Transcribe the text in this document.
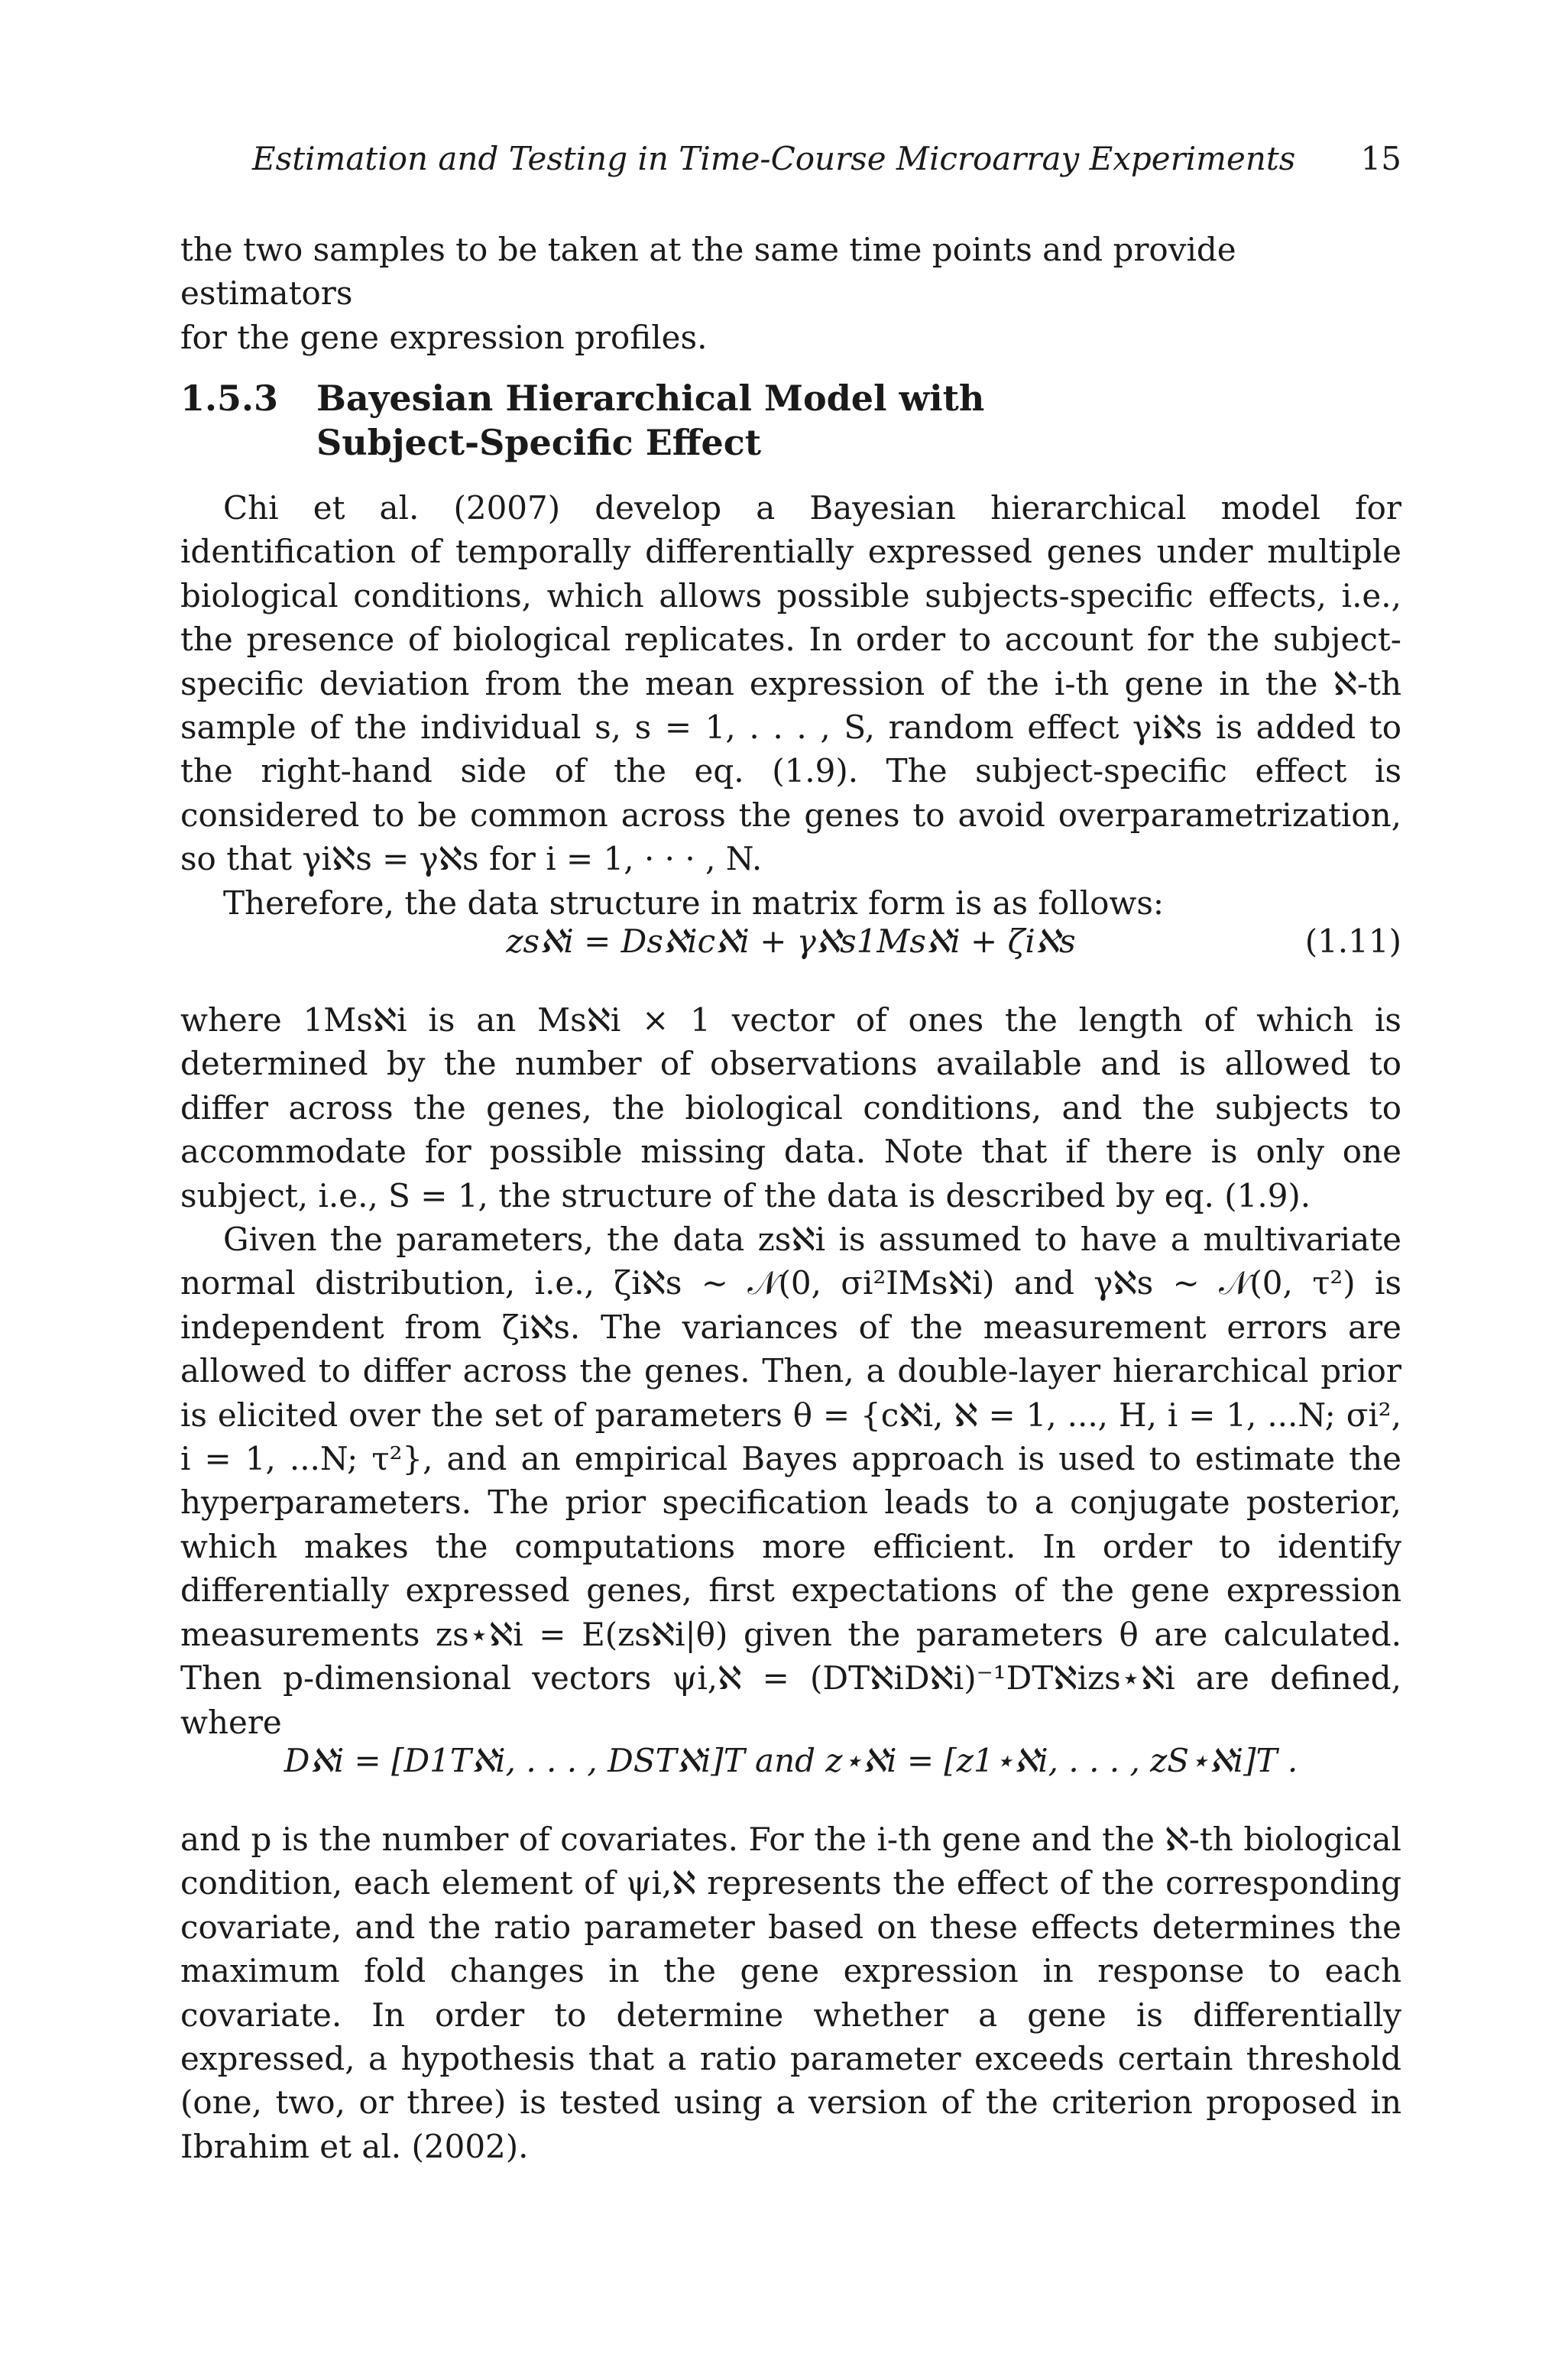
Estimation and Testing in Time-Course Microarray Experiments 15

the two samples to be taken at the same time points and provide estimators

for the gene expression profiles.

1.5.3 Bayesian Hierarchical Model with
Subject-Specific Effect

Chi et al. (2007) develop a Bayesian hierarchical model for identification of temporally differentially expressed genes under multiple biological conditions, which allows possible subjects-specific effects, i.e., the presence of biological replicates. In order to account for the subject-specific deviation from the mean expression of the i-th gene in the ℵ-th sample of the individual s, s = 1, . . . , S, random effect γiℵs is added to the right-hand side of the eq. (1.9). The subject-specific effect is considered to be common across the genes to avoid overparametrization, so that γiℵs = γℵs for i = 1, · · · , N.

Therefore, the data structure in matrix form is as follows:

zsℵi = Dsℵicℵi + γℵs1Msℵi + ζiℵs	(1.11)

where 1Msℵi is an Msℵi × 1 vector of ones the length of which is determined by the number of observations available and is allowed to differ across the genes, the biological conditions, and the subjects to accommodate for possible missing data. Note that if there is only one subject, i.e., S = 1, the structure of the data is described by eq. (1.9).

Given the parameters, the data zsℵi is assumed to have a multivariate normal distribution, i.e., ζiℵs ∼ 𝒩(0, σi²IMsℵi) and γℵs ∼ 𝒩(0, τ²) is independent from ζiℵs. The variances of the measurement errors are allowed to differ across the genes. Then, a double-layer hierarchical prior is elicited over the set of parameters θ = {cℵi, ℵ = 1, ..., H, i = 1, ...N; σi², i = 1, ...N; τ²}, and an empirical Bayes approach is used to estimate the hyperparameters. The prior specification leads to a conjugate posterior, which makes the computations more efficient. In order to identify differentially expressed genes, first expectations of the gene expression measurements zs⋆ℵi = E(zsℵi|θ) given the parameters θ are calculated. Then p-dimensional vectors ψi,ℵ = (DTℵiDℵi)⁻¹DTℵizs⋆ℵi are defined, where

Dℵi = [D1Tℵi, . . . , DSTℵi]T and z⋆ℵi = [z1⋆ℵi, . . . , zS⋆ℵi]T .

and p is the number of covariates. For the i-th gene and the ℵ-th biological condition, each element of ψi,ℵ represents the effect of the corresponding covariate, and the ratio parameter based on these effects determines the maximum fold changes in the gene expression in response to each covariate. In order to determine whether a gene is differentially expressed, a hypothesis that a ratio parameter exceeds certain threshold (one, two, or three) is tested using a version of the criterion proposed in Ibrahim et al. (2002).
